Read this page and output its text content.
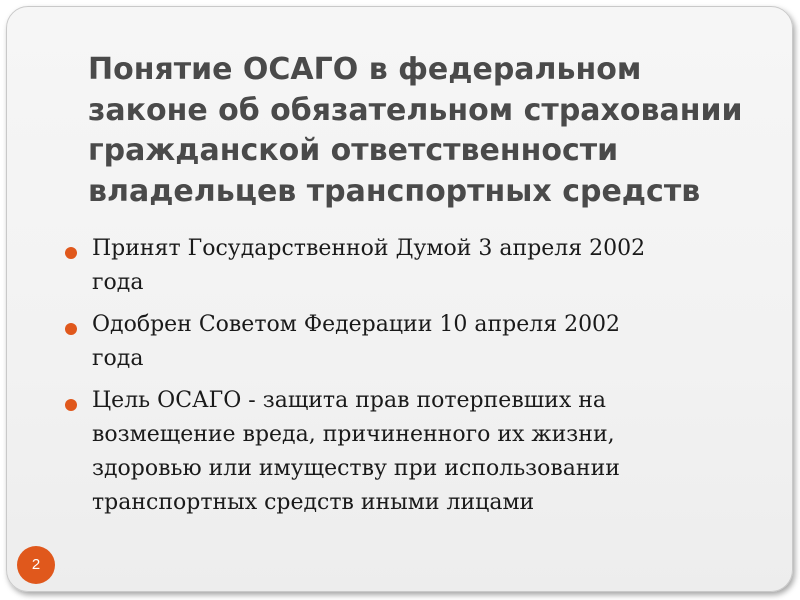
Понятие ОСАГО в федеральном
законе об обязательном страховании
гражданской ответственности
владельцев транспортных средств
Принят Государственной Думой 3 апреля 2002
года
Одобрен Советом Федерации 10 апреля 2002
года
Цель ОСАГО - защита прав потерпевших на
возмещение вреда, причиненного их жизни,
здоровью или имуществу при использовании
транспортных средств иными лицами
2
